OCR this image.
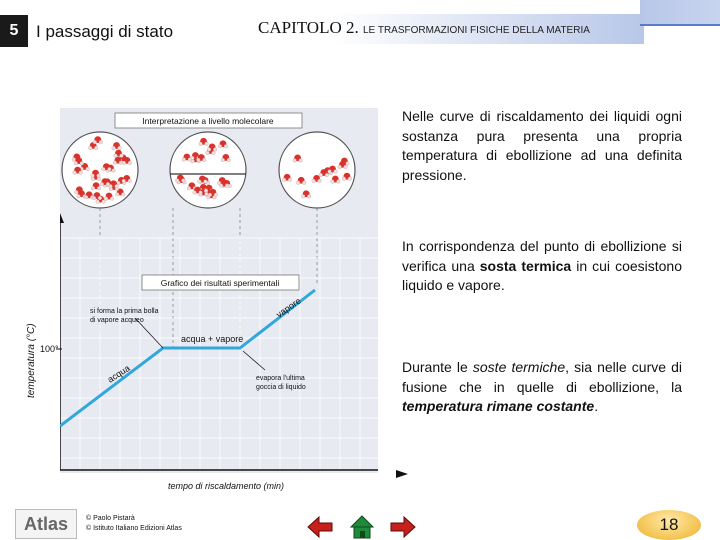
5	I passaggi di stato	CAPITOLO 2. LE TRASFORMAZIONI FISICHE DELLA MATERIA
Interpretazione a livello molecolare
Grafico dei risultati sperimentali
acqua
acqua + vapore
vapore
si forma la prima bolla
di vapore acqueo
evapora l'ultima
goccia di liquido
temperatura (°C) 100°
tempo di riscaldamento (min)
Nelle curve di riscaldamento dei liquidi ogni sostanza pura presenta una propria temperatura di ebollizione ad una definita pressione.
In corrispondenza del punto di ebollizione si verifica una sosta termica in cui coesistono liquido e vapore.
Durante le soste termiche, sia nelle curve di fusione che in quelle di ebollizione, la temperatura rimane costante.
Atlas	© Paolo Pistarà
© Istituto Italiano Edizioni Atlas	18
